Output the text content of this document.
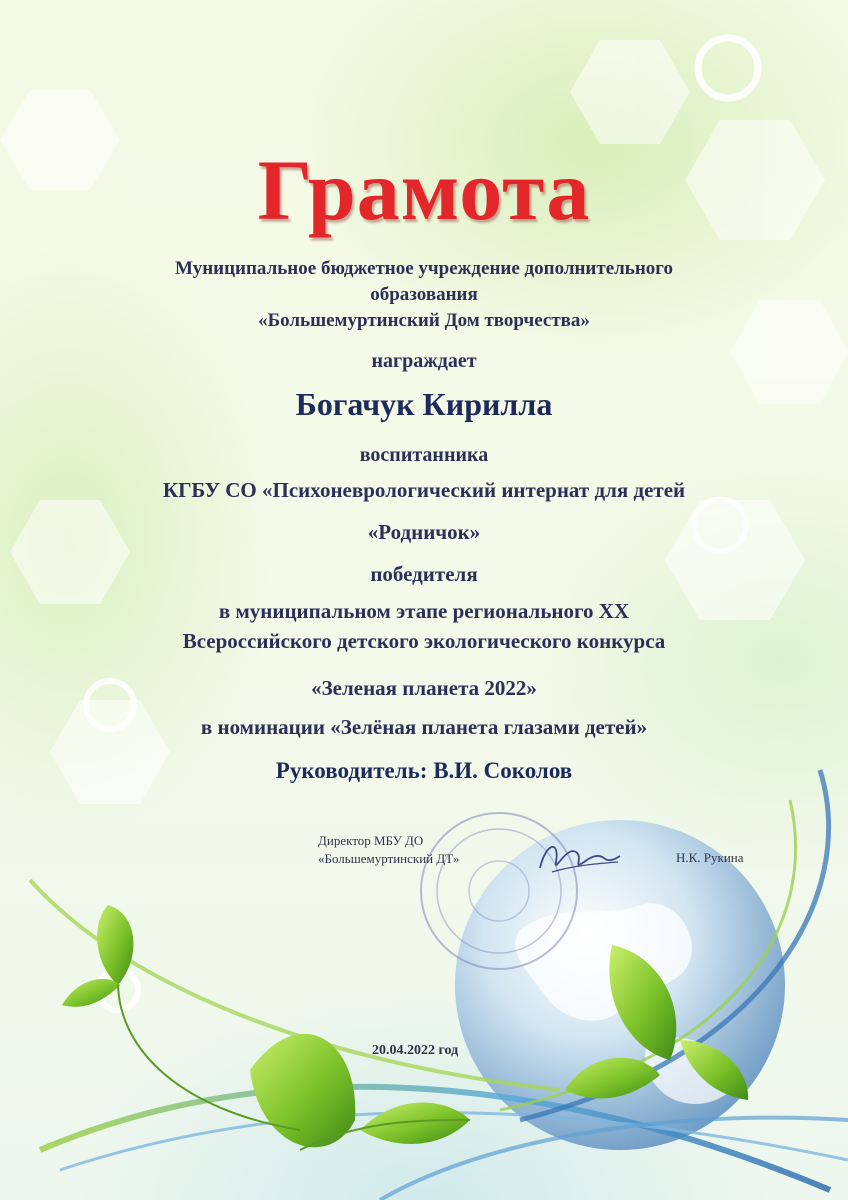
Грамота
Муниципальное бюджетное учреждение дополнительного
образования
«Большемуртинский Дом творчества»

награждает

Богачук Кирилла

воспитанника

КГБУ СО «Психоневрологический интернат для детей

«Родничок»

победителя

в муниципальном этапе регионального XX
Всероссийского детского экологического конкурса

«Зеленая планета 2022»

в номинации «Зелёная планета глазами детей»

Руководитель: В.И. Соколов

Директор МБУ ДО
«Большемуртинский ДТ»	Н.К. Рукина

20.04.2022 год
